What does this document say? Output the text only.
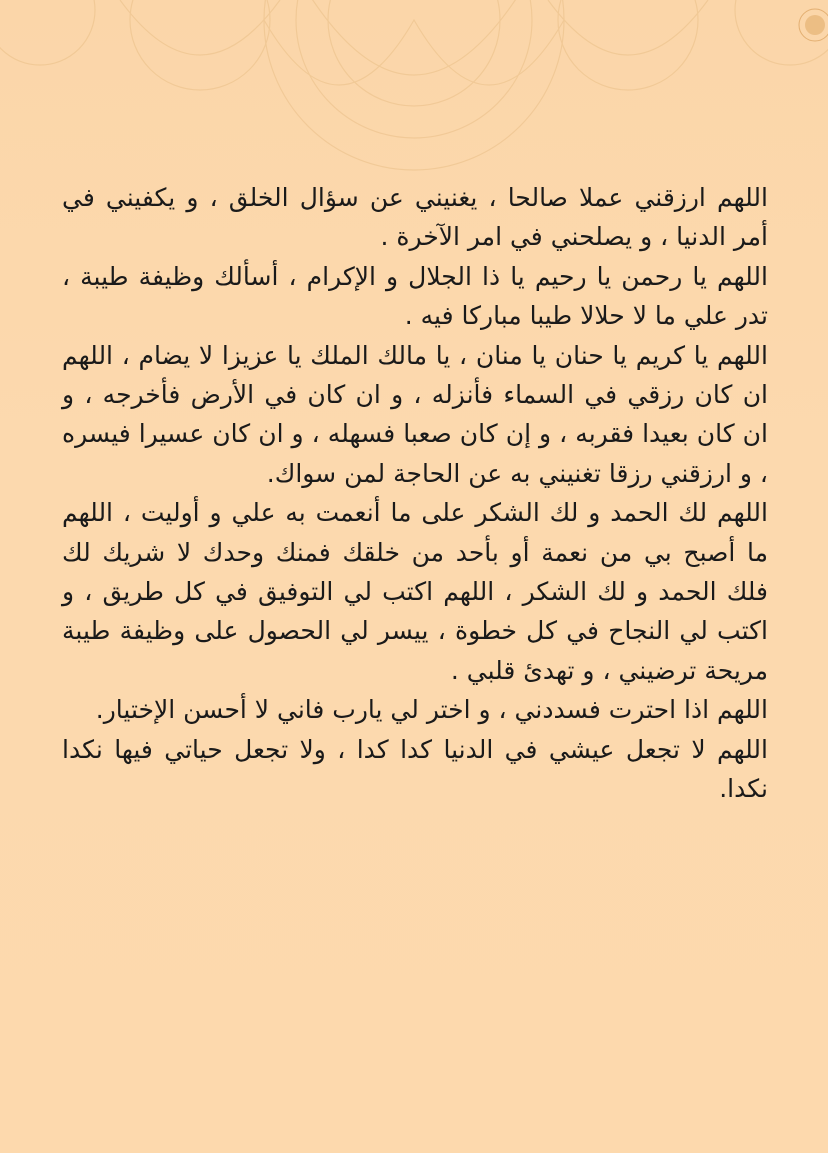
اللهم ارزقني عملا صالحا ، يغنيني عن سؤال الخلق ، و يكفيني في أمر الدنيا ، و يصلحني في امر الآخرة .

اللهم يا رحمن يا رحيم يا ذا الجلال و الإكرام ، أسألك وظيفة طيبة ، تدر علي ما لا حلالا طيبا مباركا فيه .

اللهم يا كريم يا حنان يا منان ، يا مالك الملك يا عزيزا لا يضام ، اللهم ان كان رزقي في السماء فأنزله ، و ان كان في الأرض فأخرجه ، و ان كان بعيدا فقربه ، و إن كان صعبا فسهله ، و ان كان عسيرا فيسره ، و ارزقني رزقا تغنيني به عن الحاجة لمن سواك.

اللهم لك الحمد و لك الشكر على ما أنعمت به علي و أوليت ، اللهم ما أصبح بي من نعمة أو بأحد من خلقك فمنك وحدك لا شريك لك فلك الحمد و لك الشكر ، اللهم اكتب لي التوفيق في كل طريق ، و اكتب لي النجاح في كل خطوة ، ييسر لي الحصول على وظيفة طيبة مريحة ترضيني ، و تهدئ قلبي .

اللهم اذا احترت فسددني ، و اختر لي يارب فاني لا أحسن الإختيار.

اللهم لا تجعل عيشي في الدنيا كدا كدا ، ولا تجعل حياتي فيها نكدا نكدا.
